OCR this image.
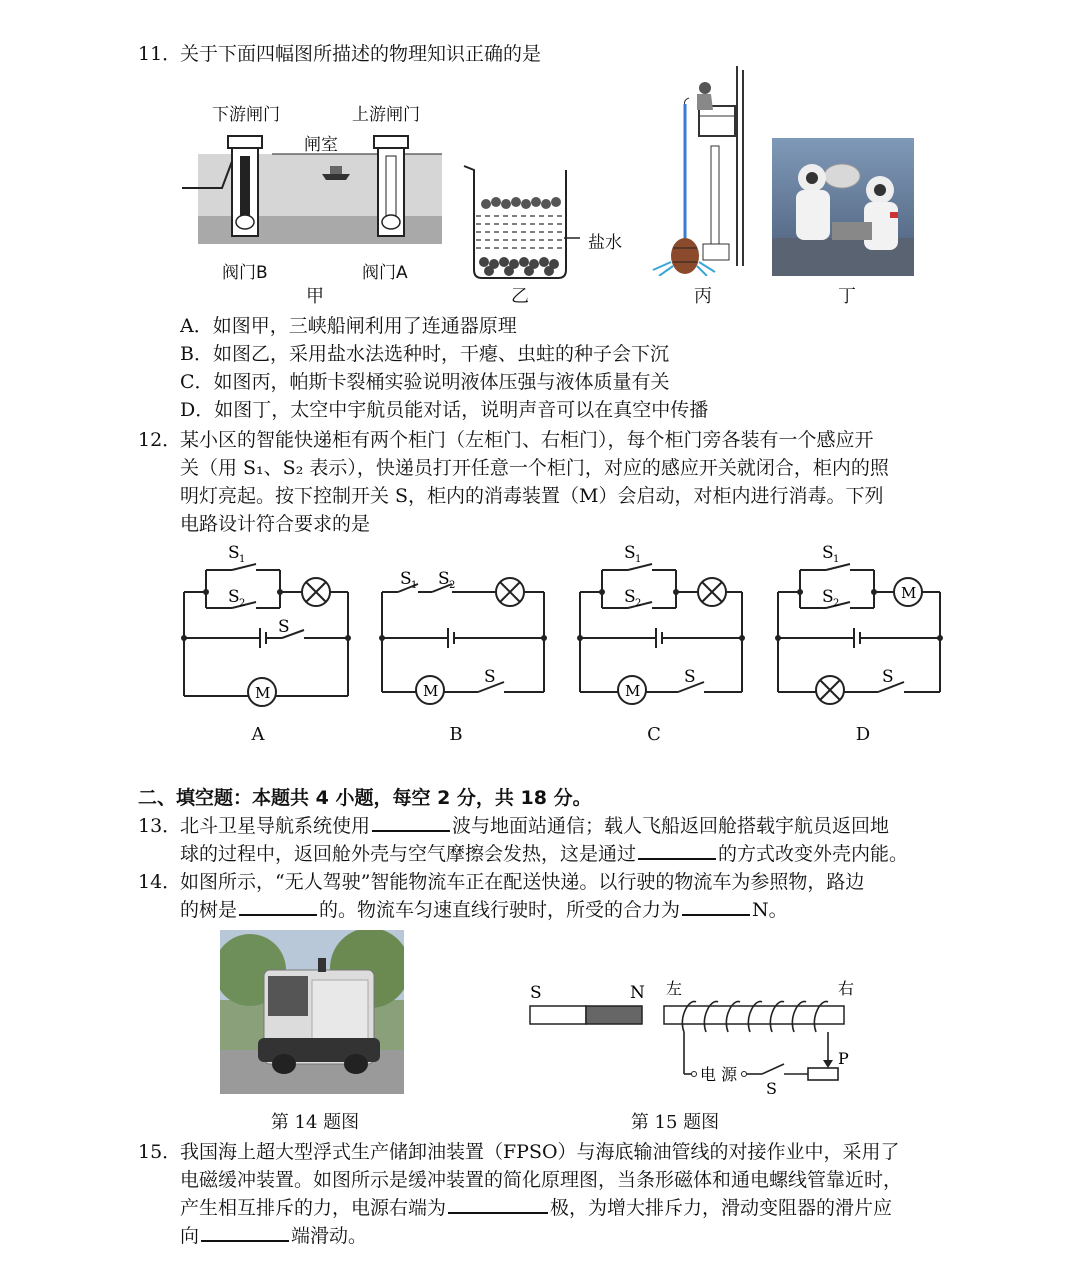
11．
关于下面四幅图所描述的物理知识正确的是
下游闸门	上游闸门
闸室
阀门B	阀门A
甲
盐水
乙	丙	丁
A．如图甲，三峡船闸利用了连通器原理
B．如图乙，采用盐水法选种时，干瘪、虫蛀的种子会下沉
C．如图丙，帕斯卡裂桶实验说明液体压强与液体质量有关
D．如图丁，太空中宇航员能对话，说明声音可以在真空中传播
12．
某小区的智能快递柜有两个柜门（左柜门、右柜门），每个柜门旁各装有一个感应开
关（用 S₁、S₂ 表示），快递员打开任意一个柜门，对应的感应开关就闭合，柜内的照
明灯亮起。按下控制开关 S，柜内的消毒装置（M）会启动，对柜内进行消毒。下列
电路设计符合要求的是
S 1
S 2
S
M
S 1 S 2
S
M
S 1
S 2
S
M
S 1
S 2
S
M
A	B	C	D
二、填空题：本题共 4 小题，每空 2 分，共 18 分。
13．
北斗卫星导航系统使用	波与地面站通信；载人飞船返回舱搭载宇航员返回地
球的过程中，返回舱外壳与空气摩擦会发热，这是通过	的方式改变外壳内能。
14．
如图所示，“无人驾驶”智能物流车正在配送快递。以行驶的物流车为参照物，路边
的树是	的。物流车匀速直线行驶时，所受的合力为	N。
第 14 题图
S	N 左	右
电 源
S
P
第 15 题图
15．
我国海上超大型浮式生产储卸油装置（FPSO）与海底输油管线的对接作业中，采用了
电磁缓冲装置。如图所示是缓冲装置的简化原理图，当条形磁体和通电螺线管靠近时，
产生相互排斥的力，电源右端为	极，为增大排斥力，滑动变阻器的滑片应
向	端滑动。
